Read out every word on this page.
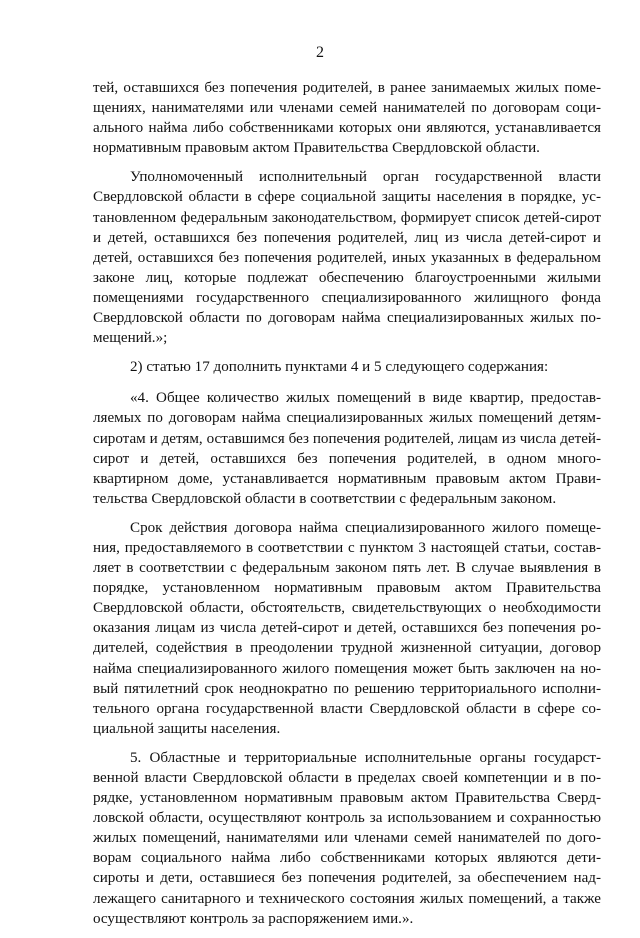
2

тей, оставшихся без попечения родителей, в ранее занимаемых жилых помещениях, нанимателями или членами семей нанимателей по договорам социального найма либо собственниками которых они являются, устанавливается нормативным правовым актом Правительства Свердловской области.

Уполномоченный исполнительный орган государственной власти Свердловской области в сфере социальной защиты населения в порядке, установленном федеральным законодательством, формирует список детей-сирот и детей, оставшихся без попечения родителей, лиц из числа детей-сирот и детей, оставшихся без попечения родителей, иных указанных в федеральном законе лиц, которые подлежат обеспечению благоустроенными жилыми помещениями государственного специализированного жилищного фонда Свердловской области по договорам найма специализированных жилых помещений.»;

2) статью 17 дополнить пунктами 4 и 5 следующего содержания:

«4. Общее количество жилых помещений в виде квартир, предоставляемых по договорам найма специализированных жилых помещений детям-сиротам и детям, оставшимся без попечения родителей, лицам из числа детей-сирот и детей, оставшихся без попечения родителей, в одном многоквартирном доме, устанавливается нормативным правовым актом Правительства Свердловской области в соответствии с федеральным законом.

Срок действия договора найма специализированного жилого помещения, предоставляемого в соответствии с пунктом 3 настоящей статьи, составляет в соответствии с федеральным законом пять лет. В случае выявления в порядке, установленном нормативным правовым актом Правительства Свердловской области, обстоятельств, свидетельствующих о необходимости оказания лицам из числа детей-сирот и детей, оставшихся без попечения родителей, содействия в преодолении трудной жизненной ситуации, договор найма специализированного жилого помещения может быть заключен на новый пятилетний срок неоднократно по решению территориального исполнительного органа государственной власти Свердловской области в сфере социальной защиты населения.

5. Областные и территориальные исполнительные органы государственной власти Свердловской области в пределах своей компетенции и в порядке, установленном нормативным правовым актом Правительства Свердловской области, осуществляют контроль за использованием и сохранностью жилых помещений, нанимателями или членами семей нанимателей по договорам социального найма либо собственниками которых являются дети-сироты и дети, оставшиеся без попечения родителей, за обеспечением надлежащего санитарного и технического состояния жилых помещений, а также осуществляют контроль за распоряжением ими.».
